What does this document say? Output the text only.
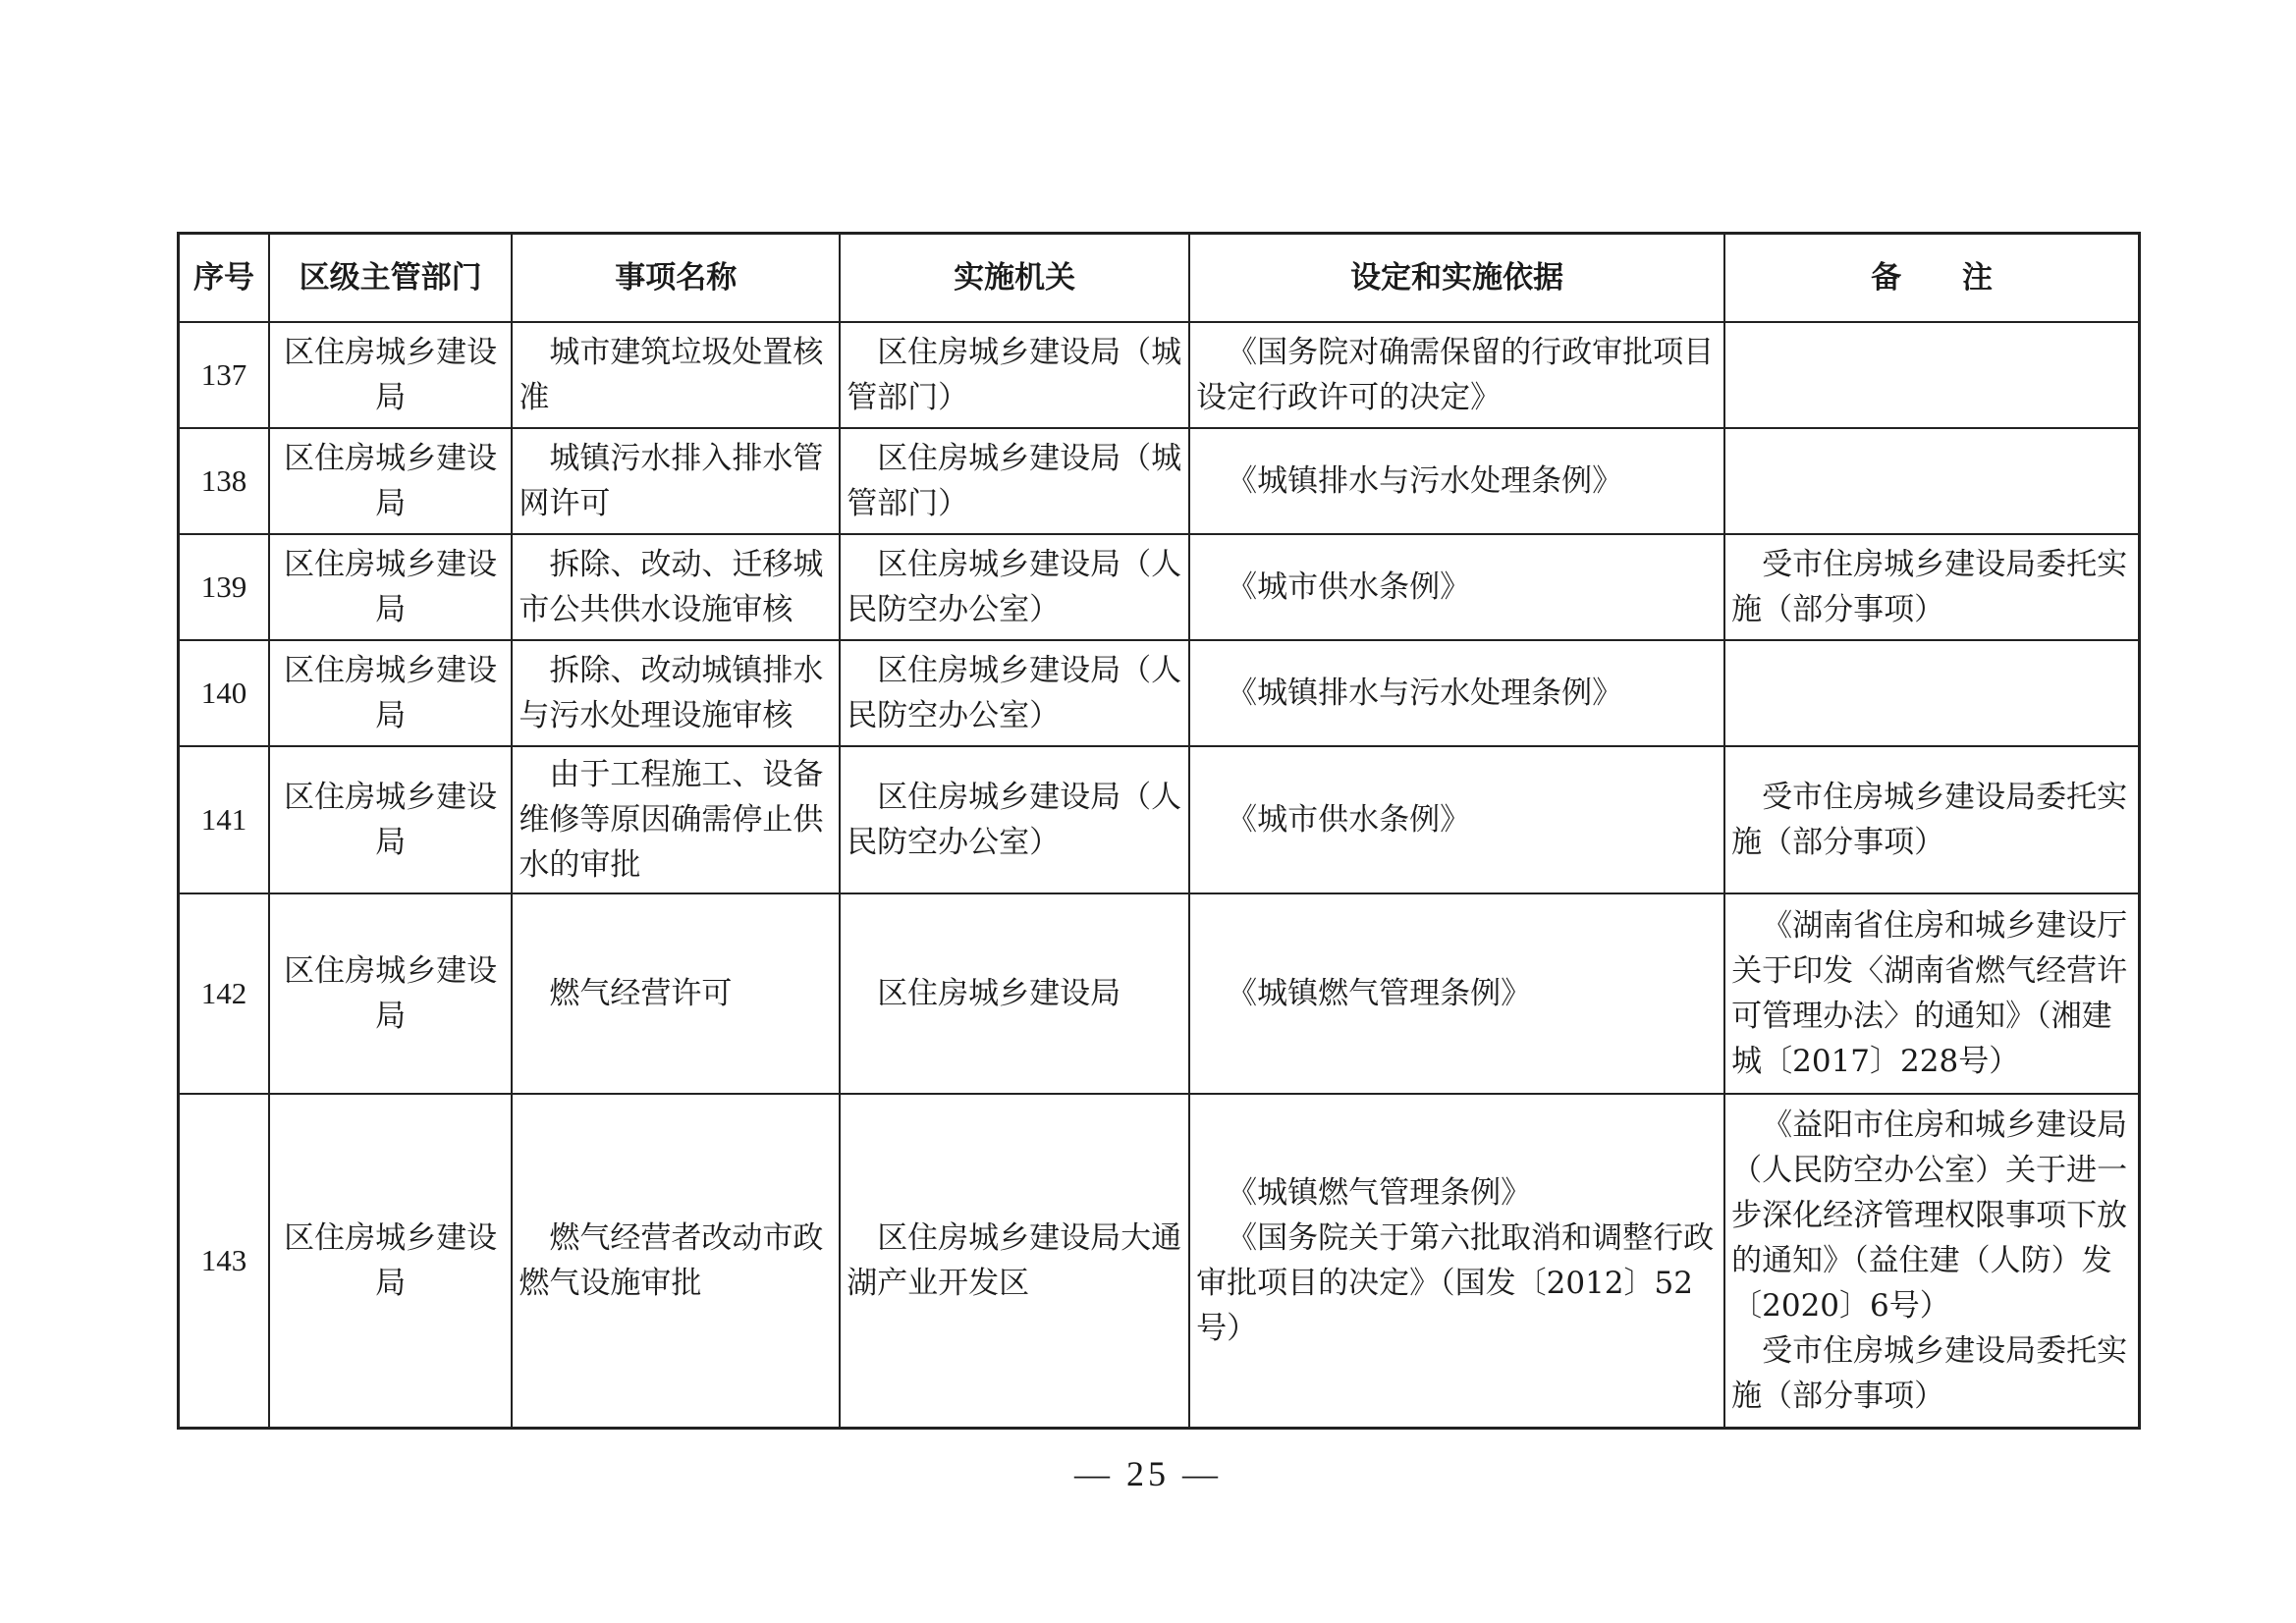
序号	区级主管部门	事项名称	实施机关	设定和实施依据	备　　注
137	区住房城乡建设局	城市建筑垃圾处置核准	区住房城乡建设局（城管部门）	《国务院对确需保留的行政审批项目设定行政许可的决定》	

138	区住房城乡建设局	城镇污水排入排水管网许可	区住房城乡建设局（城管部门）	《城镇排水与污水处理条例》	

139	区住房城乡建设局	拆除、改动、迁移城市公共供水设施审核	区住房城乡建设局（人民防空办公室）	《城市供水条例》	受市住房城乡建设局委托实施（部分事项）

140	区住房城乡建设局	拆除、改动城镇排水与污水处理设施审核	区住房城乡建设局（人民防空办公室）	《城镇排水与污水处理条例》	

141	区住房城乡建设局	由于工程施工、设备维修等原因确需停止供水的审批	区住房城乡建设局（人民防空办公室）	《城市供水条例》	受市住房城乡建设局委托实施（部分事项）

142	区住房城乡建设局	燃气经营许可	区住房城乡建设局	《城镇燃气管理条例》	《湖南省住房和城乡建设厅关于印发〈湖南省燃气经营许可管理办法〉的通知》（湘建城〔2017〕228号）

143	区住房城乡建设局	燃气经营者改动市政燃气设施审批	区住房城乡建设局大通湖产业开发区	《城镇燃气管理条例》
《国务院关于第六批取消和调整行政审批项目的决定》（国发〔2012〕52号）	《益阳市住房和城乡建设局（人民防空办公室）关于进一步深化经济管理权限事项下放的通知》（益住建（人防）发〔2020〕6号）
受市住房城乡建设局委托实施（部分事项）
— 25 —
